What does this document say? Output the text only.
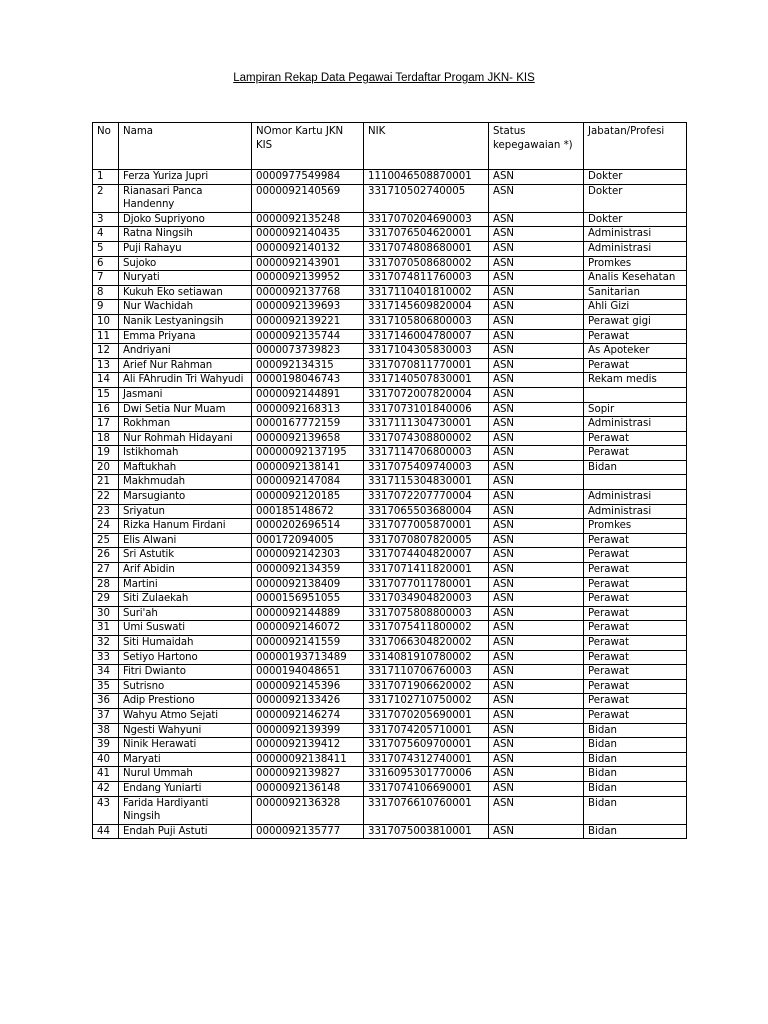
Lampiran Rekap Data Pegawai Terdaftar Progam JKN- KIS
No	Nama	NOmor Kartu JKN KIS	NIK	Status kepegawaian *)	Jabatan/Profesi
1	Ferza Yuriza Jupri	0000977549984	1110046508870001	ASN	Dokter
2	Rianasari Panca Handenny	0000092140569	331710502740005	ASN	Dokter
3	Djoko Supriyono	0000092135248	3317070204690003	ASN	Dokter
4	Ratna Ningsih	0000092140435	3317076504620001	ASN	Administrasi
5	Puji Rahayu	0000092140132	3317074808680001	ASN	Administrasi
6	Sujoko	0000092143901	3317070508680002	ASN	Promkes
7	Nuryati	0000092139952	3317074811760003	ASN	Analis Kesehatan
8	Kukuh Eko setiawan	0000092137768	3317110401810002	ASN	Sanitarian
9	Nur Wachidah	0000092139693	3317145609820004	ASN	Ahli Gizi
10	Nanik Lestyaningsih	0000092139221	3317105806800003	ASN	Perawat gigi
11	Emma Priyana	0000092135744	3317146004780007	ASN	Perawat
12	Andriyani	0000073739823	3317104305830003	ASN	As Apoteker
13	Arief Nur Rahman	000092134315	3317070811770001	ASN	Perawat
14	Ali FAhrudin Tri Wahyudi	0000198046743	3317140507830001	ASN	Rekam medis
15	Jasmani	0000092144891	3317072007820004	ASN	
16	Dwi Setia Nur Muam	0000092168313	3317073101840006	ASN	Sopir
17	Rokhman	0000167772159	3317111304730001	ASN	Administrasi
18	Nur Rohmah Hidayani	0000092139658	3317074308800002	ASN	Perawat
19	Istikhomah	00000092137195	3317114706800003	ASN	Perawat
20	Maftukhah	0000092138141	3317075409740003	ASN	Bidan
21	Makhmudah	0000092147084	3317115304830001	ASN	
22	Marsugianto	0000092120185	3317072207770004	ASN	Administrasi
23	Sriyatun	000185148672	3317065503680004	ASN	Administrasi
24	Rizka Hanum Firdani	0000202696514	3317077005870001	ASN	Promkes
25	Elis Alwani	000172094005	3317070807820005	ASN	Perawat
26	Sri Astutik	0000092142303	3317074404820007	ASN	Perawat
27	Arif Abidin	0000092134359	3317071411820001	ASN	Perawat
28	Martini	0000092138409	3317077011780001	ASN	Perawat
29	Siti Zulaekah	0000156951055	3317034904820003	ASN	Perawat
30	Suri'ah	0000092144889	3317075808800003	ASN	Perawat
31	Umi Suswati	0000092146072	3317075411800002	ASN	Perawat
32	Siti Humaidah	0000092141559	3317066304820002	ASN	Perawat
33	Setiyo Hartono	00000193713489	3314081910780002	ASN	Perawat
34	Fitri Dwianto	0000194048651	3317110706760003	ASN	Perawat
35	Sutrisno	0000092145396	3317071906620002	ASN	Perawat
36	Adip Prestiono	0000092133426	3317102710750002	ASN	Perawat
37	Wahyu Atmo Sejati	0000092146274	3317070205690001	ASN	Perawat
38	Ngesti Wahyuni	0000092139399	3317074205710001	ASN	Bidan
39	Ninik Herawati	0000092139412	3317075609700001	ASN	Bidan
40	Maryati	00000092138411	3317074312740001	ASN	Bidan
41	Nurul Ummah	0000092139827	3316095301770006	ASN	Bidan
42	Endang Yuniarti	0000092136148	3317074106690001	ASN	Bidan
43	Farida Hardiyanti Ningsih	0000092136328	3317076610760001	ASN	Bidan
44	Endah Puji Astuti	0000092135777	3317075003810001	ASN	Bidan
